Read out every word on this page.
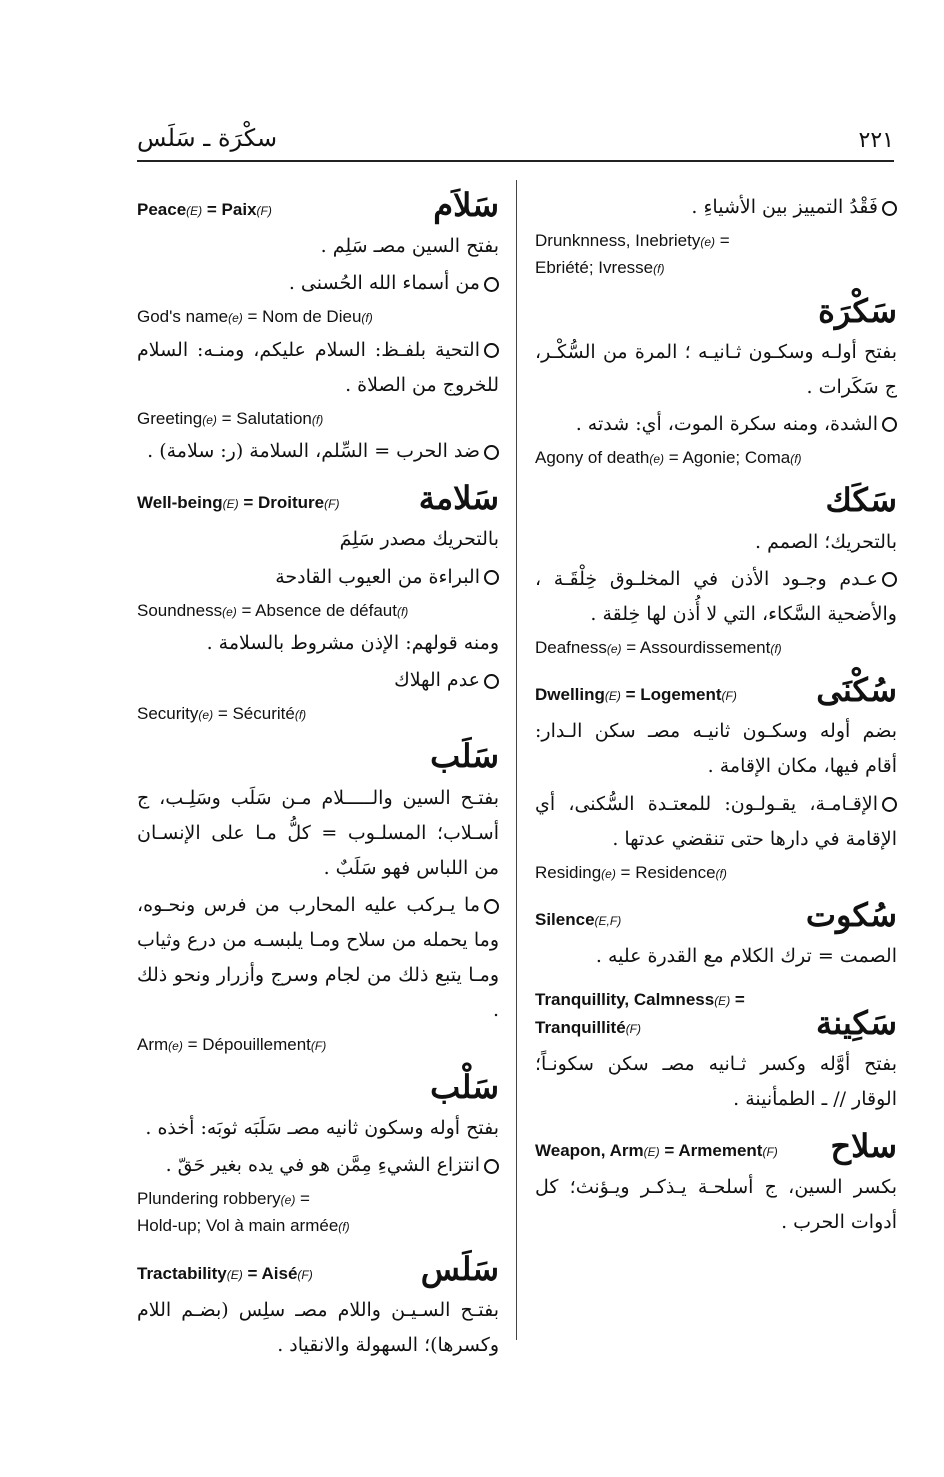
٢٢١
سكْرَة ـ سَلَس
فَقْدُ التمييز بين الأشياءِ .
Drunknness, Inebriety(e) =
Ebriété; Ivresse(f)
سَكْرَة
بفتح أولـه وسكـون ثـانيـه ؛ المرة من السُّكْـر، ج سَكَرات .
الشدة، ومنه سكرة الموت، أي: شدته .
Agony of death(e) = Agonie; Coma(f)
سَكَك
بالتحريك؛ الصمم .
عـدم وجـود الأذن في المخلـوق خِلْقَـة ، والأضحية السَّكاء، التي لا أُذن لها خِلقة .
Deafness(e) = Assourdissement(f)
Dwelling(E) = Logement(F) سُكْنَى
بضم أوله وسكـون ثانيـه مصـ سكن الـدار: أقام فيها، مكان الإقامة .
الإقـامـة، يقـولـون: للمعتـدة السُّكنى، أي الإقامة في دارها حتى تنقضي عدتها .
Residing(e) = Residence(f)
Silence(E,F)	سُكوت
الصمت = ترك الكلام مع القدرة عليه .
Tranquillity, Calmness(E) = Tranquillité(F)	سَكِينة
بفتح أوَّله وكسر ثـانيه مصـ سكن سكونـاً؛ الوقار // ـ الطمأنينة .
Weapon, Arm(E) = Armement(F) سلاح
بكسر السين، ج أسلحـة يـذكـر ويـؤنث؛ كل أدوات الحرب .
Peace(E) = Paix(F)	سَلاَم
بفتح السين مصـ سَلِم .
من أسماء الله الحُسنى .
God's name(e) = Nom de Dieu(f)
التحية بلفـظ: السلام عليكم، ومنـه: السلام للخروج من الصلاة .
Greeting(e) = Salutation(f)
ضد الحرب = السِّلم، السلامة (ر: سلامة) .
Well-being(E) = Droiture(F) سَلامة
بالتحريك مصدر سَلِمَ
البراءة من العيوب القادحة
Soundness(e) = Absence de défaut(f)
ومنه قولهم: الإذن مشروط بالسلامة .
عدم الهلاك
Security(e) = Sécurité(f)
سَلَب
بفتـح السين والـــــلام مـن سَلَب وسَلِـب، ج أسـلاب؛ المسلـوب = كلُّ مـا على الإنسـان من اللباس فهو سَلَبٌ .
ما يـركب عليه المحارب من فرس ونحـوه، وما يحمله من سلاح ومـا يلبسـه من درع وثياب ومـا يتبع ذلك من لجام وسرج وأزرار ونحو ذلك .
Arm(e) = Dépouillement(F)
سَلْب
بفتح أوله وسكون ثانيه مصـ سَلَبَه ثوبَه: أخذه .
انتزاع الشيءِ مِمَّن هو في يده بغير حَقّ .
Plundering robbery(e) =
Hold-up; Vol à main armée(f)
Tractability(E) = Aisé(F)	سَلَس
بفتـح السـيـن واللام مصـ سلِس (بضـم اللام وكسرها)؛ السهولة والانقياد .
